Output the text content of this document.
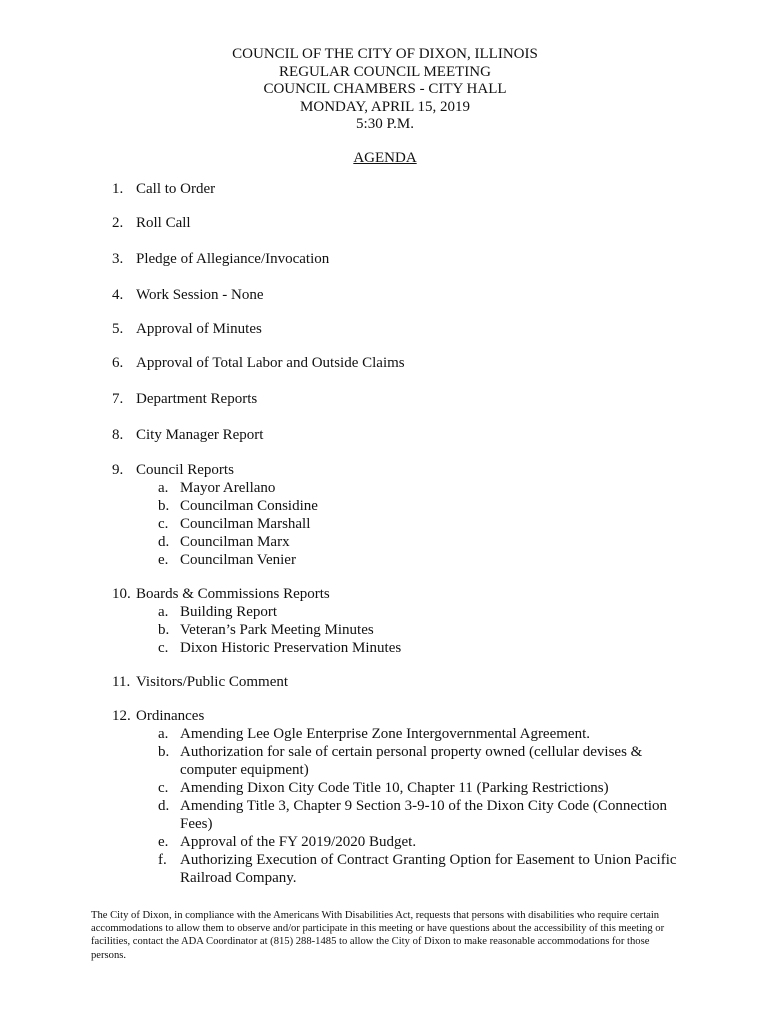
COUNCIL OF THE CITY OF DIXON, ILLINOIS
REGULAR COUNCIL MEETING
COUNCIL CHAMBERS - CITY HALL
MONDAY, APRIL 15, 2019
5:30 P.M.
AGENDA
1. Call to Order
2. Roll Call
3. Pledge of Allegiance/Invocation
4. Work Session - None
5. Approval of Minutes
6. Approval of Total Labor and Outside Claims
7. Department Reports
8. City Manager Report
9. Council Reports
a. Mayor Arellano
b. Councilman Considine
c. Councilman Marshall
d. Councilman Marx
e. Councilman Venier
10. Boards & Commissions Reports
a. Building Report
b. Veteran’s Park Meeting Minutes
c. Dixon Historic Preservation Minutes
11. Visitors/Public Comment
12. Ordinances
a. Amending Lee Ogle Enterprise Zone Intergovernmental Agreement.
b. Authorization for sale of certain personal property owned (cellular devises & computer equipment)
c. Amending Dixon City Code Title 10, Chapter 11 (Parking Restrictions)
d. Amending Title 3, Chapter 9 Section 3-9-10 of the Dixon City Code (Connection Fees)
e. Approval of the FY 2019/2020 Budget.
f. Authorizing Execution of Contract Granting Option for Easement to Union Pacific Railroad Company.
The City of Dixon, in compliance with the Americans With Disabilities Act, requests that persons with disabilities who require certain accommodations to allow them to observe and/or participate in this meeting or have questions about the accessibility of this meeting or facilities, contact the ADA Coordinator at (815) 288-1485 to allow the City of Dixon to make reasonable accommodations for those persons.
